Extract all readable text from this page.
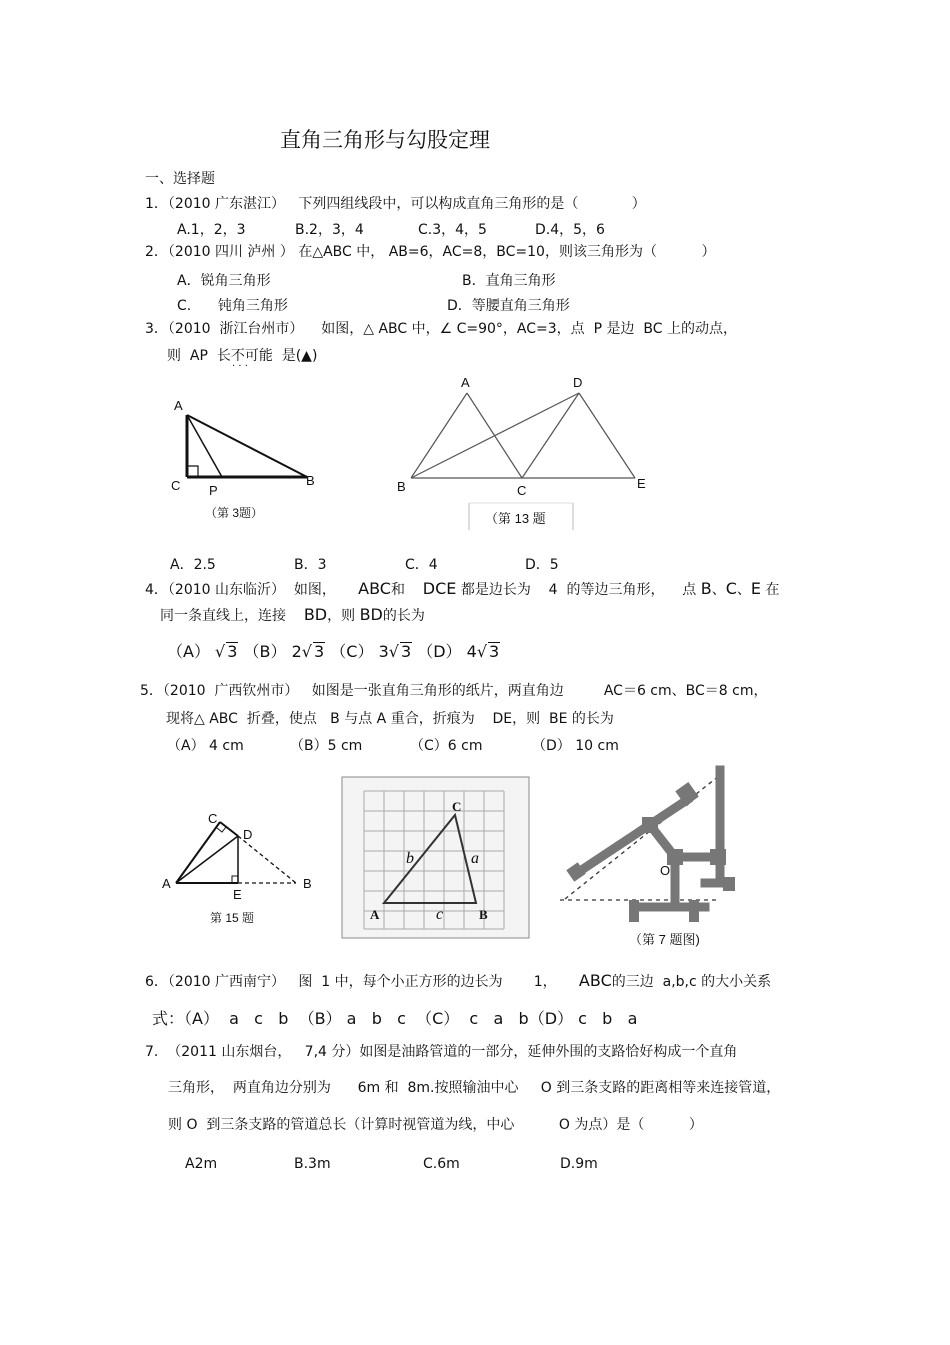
直角三角形与勾股定理
一、选择题
1．（2010 广东湛江）   下列四组线段中，可以构成直角三角形的是（            ）
A.1，2，3	B.2，3，4	C.3，4，5	D.4，5，6
2．（2010 四川 泸州 ） 在△ABC 中， AB=6，AC=8，BC=10，则该三角形为（          ）
A．锐角三角形	B．直角三角形
C.      钝角三角形	D．等腰直角三角形
3．（2010  浙江台州市）    如图，△ ABC 中，∠ C=90°，AC=3，点  P 是边  BC 上的动点，
则  AP  长不可能  是(▲)
· · ·
A
C P
B
（第 3题）
A	D
B	C	E
（第 13 题
A．2.5	B．3	C．4	D．5
4．（2010 山东临沂）  如图， ABC和 DCE 都是边长为    4  的等边三角形，    点 B、C、E 在
同一条直线上，连接 BD，则 BD的长为
（A） √ 3 （B） 2√ 3 （C） 3√ 3 （D） 4√ 3
5．（2010  广西钦州市）   如图是一张直角三角形的纸片，两直角边         AC＝6 cm、BC＝8 cm，
现将△ ABC  折叠，使点   B 与点 A 重合，折痕为    DE，则  BE 的长为
（A） 4 cm	（B）5 cm	（C）6 cm	（D） 10 cm
C
D
A
E
B
第 15 题
C
b	a
A	c	B
O
（第 7 题图)
6．（2010 广西南宁）   图  1 中，每个小正方形的边长为       1， ABC的三边  a,b,c 的大小关系
式：（A）  a   c   b  （B） a   b   c  （C）  c   a   b（D） c   b   a
7.  （2011 山东烟台，   7,4 分）如图是油路管道的一部分，延伸外围的支路恰好构成一个直角
三角形，  两直角边分别为      6m 和  8m.按照输油中心     O 到三条支路的距离相等来连接管道，
则 O  到三条支路的管道总长（计算时视管道为线，中心          O 为点）是（          ）
A2m	B.3m	C.6m	D.9m
